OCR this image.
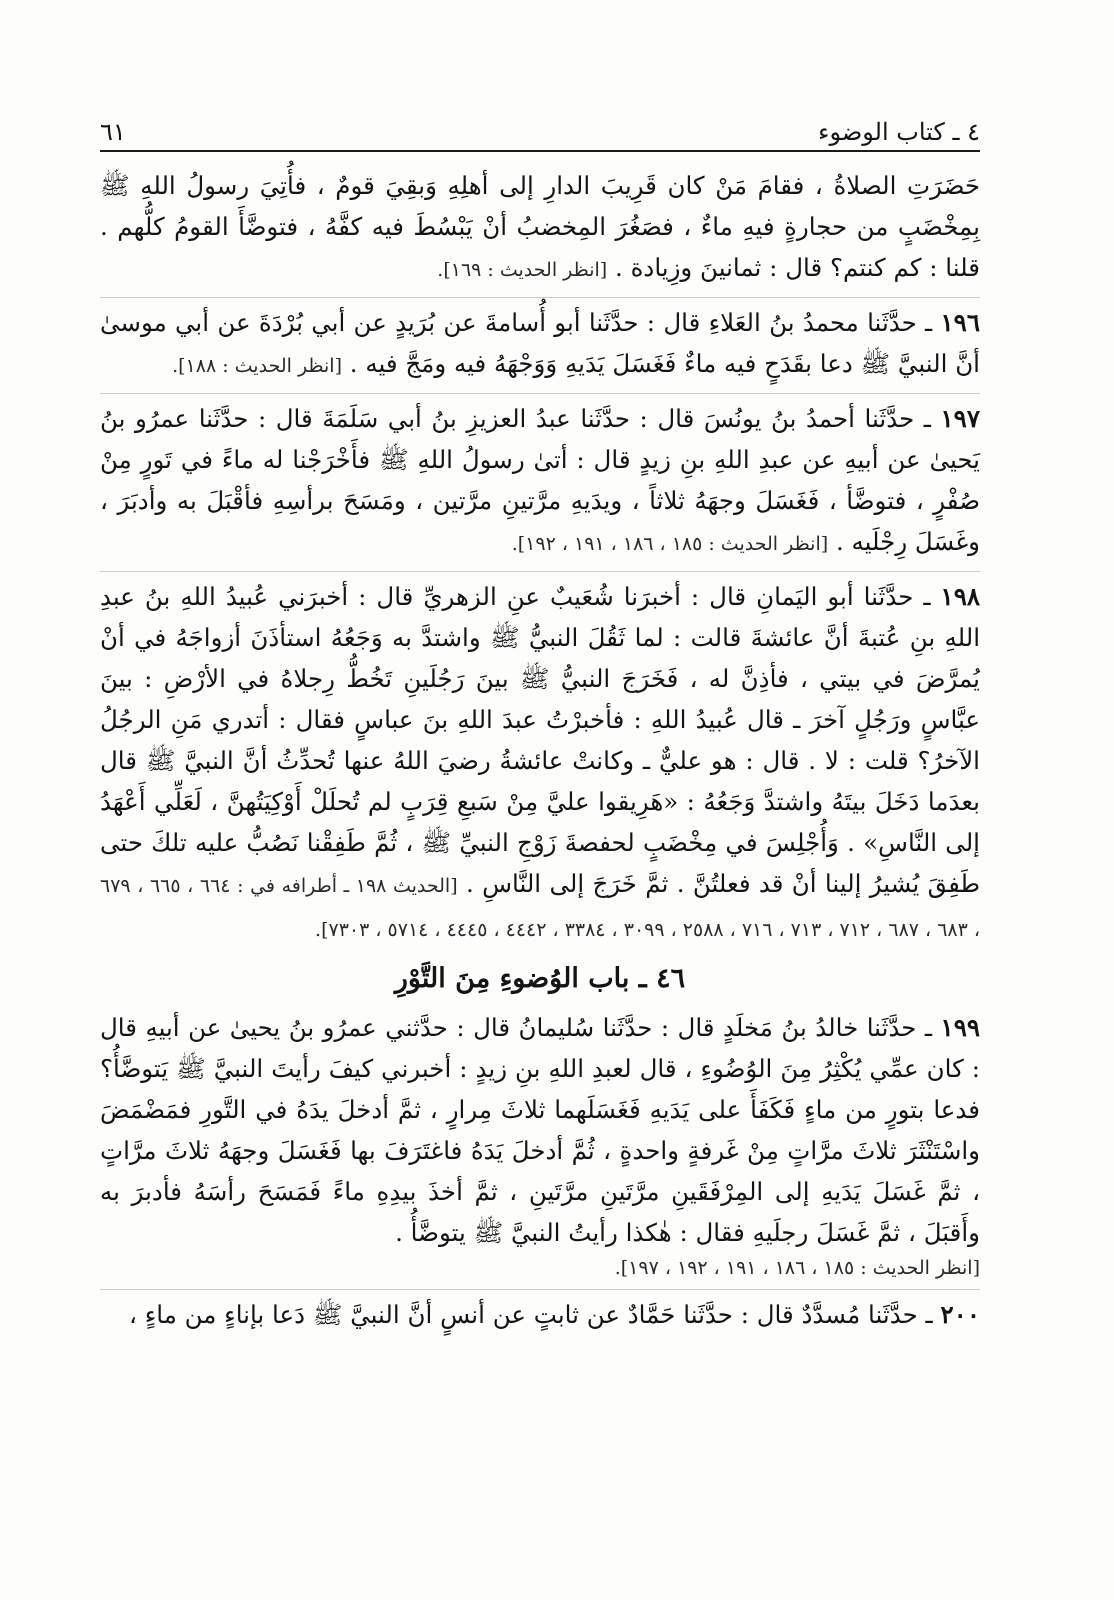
٦١	٤ ـ كتاب الوضوء

حَضَرَتِ الصلاةُ ، فقامَ مَنْ كان قَرِيبَ الدارِ إلى أهلِهِ وَبقِيَ قومٌ ، فأُتِيَ رسولُ اللهِ ﷺ بِمِخْضَبٍ من حجارةٍ فيهِ ماءٌ ، فصَغُرَ المِخضبُ أنْ يَبْسُطَ فيه كفَّهُ ، فتوضَّأَ القومُ كلُّهم . قلنا : كم كنتم؟ قال : ثمانينَ وزِيادة . [انظر الحديث : ١٦٩].

١٩٦ ـ حدَّثَنا محمدُ بنُ العَلاءِ قال : حدَّثَنا أبو أُسامةَ عن بُرَيدٍ عن أبي بُرْدَةَ عن أبي موسىٰ أنَّ النبيَّ ﷺ دعا بقَدَحٍ فيه ماءٌ فَغَسَلَ يَدَيهِ وَوَجْهَهُ فيه ومَجَّ فيه . [انظر الحديث : ١٨٨].

١٩٧ ـ حدَّثَنا أحمدُ بنُ يونُسَ قال : حدَّثَنا عبدُ العزيزِ بنُ أبي سَلَمَةَ قال : حدَّثَنا عمرُو بنُ يَحيىٰ عن أبيهِ عن عبدِ اللهِ بنِ زيدٍ قال : أتىٰ رسولُ اللهِ ﷺ فأَخْرَجْنا له ماءً في تَورٍ مِنْ صُفْرٍ ، فتوضَّأ ، فَغَسَلَ وجهَهُ ثلاثاً ، ويدَيهِ مرَّتينِ مرَّتين ، ومَسَحَ برأسِهِ فأقْبَلَ به وأدبَرَ ، وغَسَلَ رِجْلَيه . [انظر الحديث : ١٨٥ ، ١٨٦ ، ١٩١ ، ١٩٢].

١٩٨ ـ حدَّثَنا أبو اليَمانِ قال : أخبرَنا شُعَيبٌ عنِ الزهريِّ قال : أخبرَني عُبيدُ اللهِ بنُ عبدِ اللهِ بنِ عُتبةَ أنَّ عائشةَ قالت : لما ثَقُلَ النبيُّ ﷺ واشتدَّ به وَجَعُهُ استأذَنَ أزواجَهُ في أنْ يُمرَّضَ في بيتي ، فأذِنَّ له ، فَخَرَجَ النبيُّ ﷺ بينَ رَجُلَينِ تَخُطُّ رِجلاهُ في الأرْضِ : بينَ عبَّاسٍ ورَجُلٍ آخرَ ـ قال عُبيدُ اللهِ : فأخبرْتُ عبدَ اللهِ بنَ عباسٍ فقال : أتدري مَنِ الرجُلُ الآخرُ؟ قلت : لا . قال : هو عليٌّ ـ وكانتْ عائشةُ رضيَ اللهُ عنها تُحدِّثُ أنَّ النبيَّ ﷺ قال بعدَما دَخَلَ بيتَهُ واشتدَّ وَجَعُهُ : «هَرِيقوا عليَّ مِنْ سَبعِ قِرَبٍ لم تُحلَلْ أَوْكِيَتُهنَّ ، لَعَلِّي أَعْهَدُ إلى النَّاسِ» . وَأُجْلِسَ في مِخْضَبٍ لحفصةَ زَوْجِ النبيِّ ﷺ ، ثُمَّ طَفِقْنا نَصُبُّ عليه تلكَ حتى طَفِقَ يُشيرُ إلينا أنْ قد فعلتُنَّ . ثمَّ خَرَجَ إلى النَّاسِ . [الحديث ١٩٨ ـ أطرافه في : ٦٦٤ ، ٦٦٥ ، ٦٧٩ ، ٦٨٣ ، ٦٨٧ ، ٧١٢ ، ٧١٣ ، ٧١٦ ، ٢٥٨٨ ، ٣٠٩٩ ، ٣٣٨٤ ، ٤٤٤٢ ، ٤٤٤٥ ، ٥٧١٤ ، ٧٣٠٣].

٤٦ ـ باب الوُضوءِ مِنَ التَّوْرِ

١٩٩ ـ حدَّثَنا خالدُ بنُ مَخلَدٍ قال : حدَّثَنا سُليمانُ قال : حدَّثني عمرُو بنُ يحيىٰ عن أبيهِ قال : كان عمِّي يُكْثِرُ مِنَ الوُضُوءِ ، قال لعبدِ اللهِ بنِ زيدٍ : أخبرني كيفَ رأيتَ النبيَّ ﷺ يَتوضَّأُ؟ فدعا بتورٍ من ماءٍ فَكَفَأَ على يَدَيهِ فَغَسَلَهما ثلاثَ مِرارٍ ، ثمَّ أدخلَ يدَهُ في التَّورِ فمَضْمَضَ واسْتَنْثَرَ ثلاثَ مرَّاتٍ مِنْ غَرفةٍ واحدةٍ ، ثُمَّ أدخلَ يَدَهُ فاغتَرَفَ بها فَغَسَلَ وجهَهُ ثلاثَ مرَّاتٍ ، ثمَّ غَسَلَ يَدَيهِ إلى المِرْفَقَينِ مرَّتَينِ مرَّتَينِ ، ثمَّ أخذَ بيدِهِ ماءً فَمَسَحَ رأسَهُ فأدبرَ به وأَقبَلَ ، ثمَّ غَسَلَ رجلَيهِ فقال : هٰكذا رأيتُ النبيَّ ﷺ يتوضَّأُ .

[انظر الحديث : ١٨٥ ، ١٨٦ ، ١٩١ ، ١٩٢ ، ١٩٧].

٢٠٠ ـ حدَّثَنا مُسدَّدٌ قال : حدَّثَنا حَمَّادٌ عن ثابتٍ عن أنسٍ أنَّ النبيَّ ﷺ دَعا بإناءٍ من ماءٍ ،
